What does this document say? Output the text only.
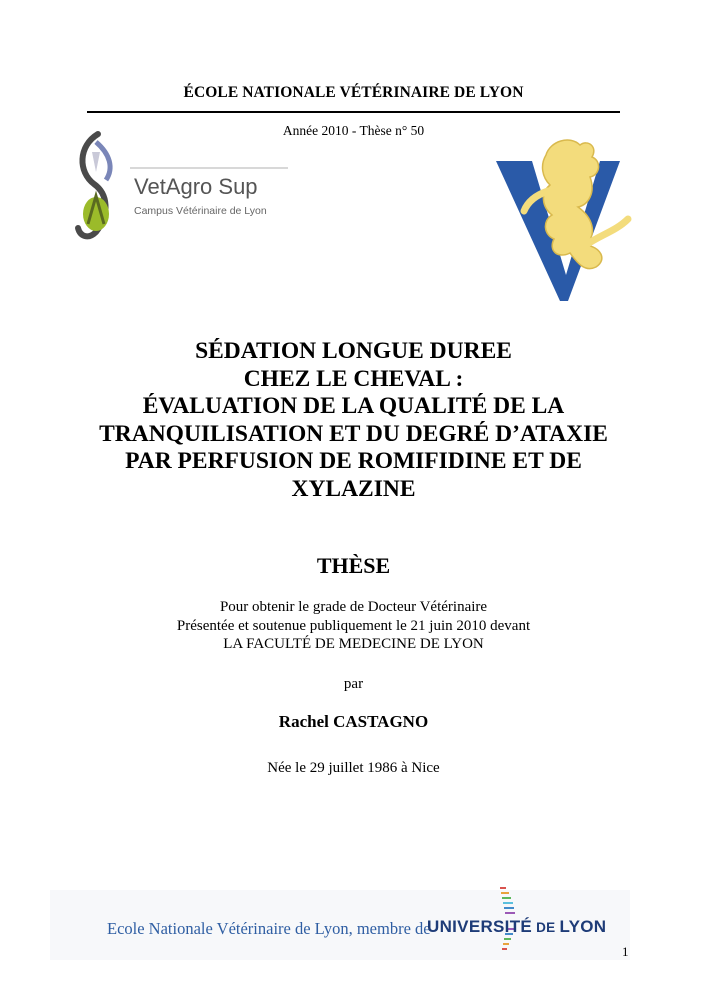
ÉCOLE NATIONALE VÉTÉRINAIRE DE LYON
Année 2010 - Thèse n° 50
VetAgro Sup
Campus Vétérinaire de Lyon
SÉDATION LONGUE DUREE
CHEZ LE CHEVAL :
ÉVALUATION DE LA QUALITÉ DE LA
TRANQUILISATION ET DU DEGRÉ D’ATAXIE
PAR PERFUSION DE ROMIFIDINE ET DE
XYLAZINE
THÈSE
Pour obtenir le grade de Docteur Vétérinaire
Présentée et soutenue publiquement le 21 juin 2010 devant
LA FACULTÉ DE MEDECINE DE LYON
par
Rachel CASTAGNO
Née le 29 juillet 1986 à Nice
Ecole Nationale Vétérinaire de Lyon, membre de
UNIVERSITÉ DE LYON
1
